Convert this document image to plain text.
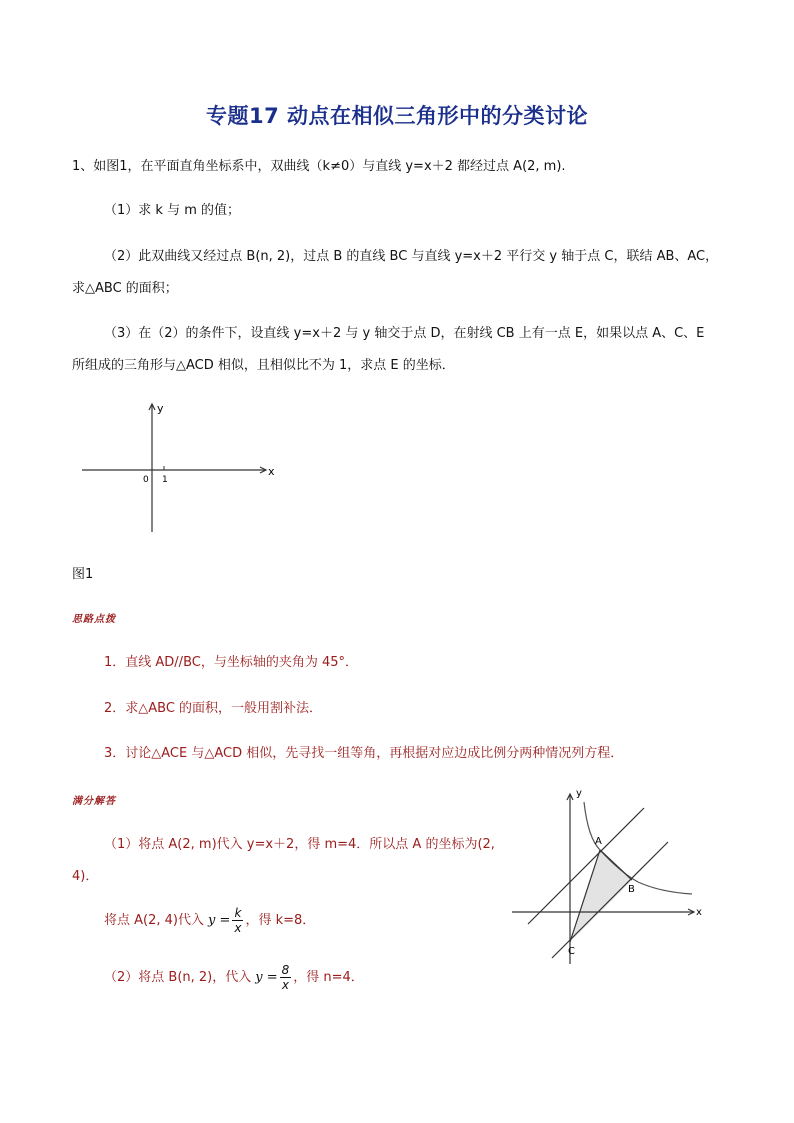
专题17 动点在相似三角形中的分类讨论
1、如图1，在平面直角坐标系中，双曲线（k≠0）与直线 y=x＋2 都经过点 A(2, m).
（1）求 k 与 m 的值；
（2）此双曲线又经过点 B(n, 2)，过点 B 的直线 BC 与直线 y=x＋2 平行交 y 轴于点 C，联结 AB、AC，
求△ABC 的面积；
（3）在（2）的条件下，设直线 y=x＋2 与 y 轴交于点 D，在射线 CB 上有一点 E，如果以点 A、C、E
所组成的三角形与△ACD 相似，且相似比不为 1，求点 E 的坐标．
x
y
0 1
图1
思路点拨
1．直线 AD//BC，与坐标轴的夹角为 45°．
2．求△ABC 的面积，一般用割补法．
3．讨论△ACE 与△ACD 相似，先寻找一组等角，再根据对应边成比例分两种情况列方程．
满分解答
（1）将点 A(2, m)代入 y=x＋2，得 m=4．所以点 A 的坐标为(2,
4)．
将点 A(2, 4)代入 $y = \frac{k}{x}$ ，得 k=8．
（2）将点 B(n, 2)，代入 $y = \frac{8}{x}$ ，得 n=4．
y
x
A
B
C
